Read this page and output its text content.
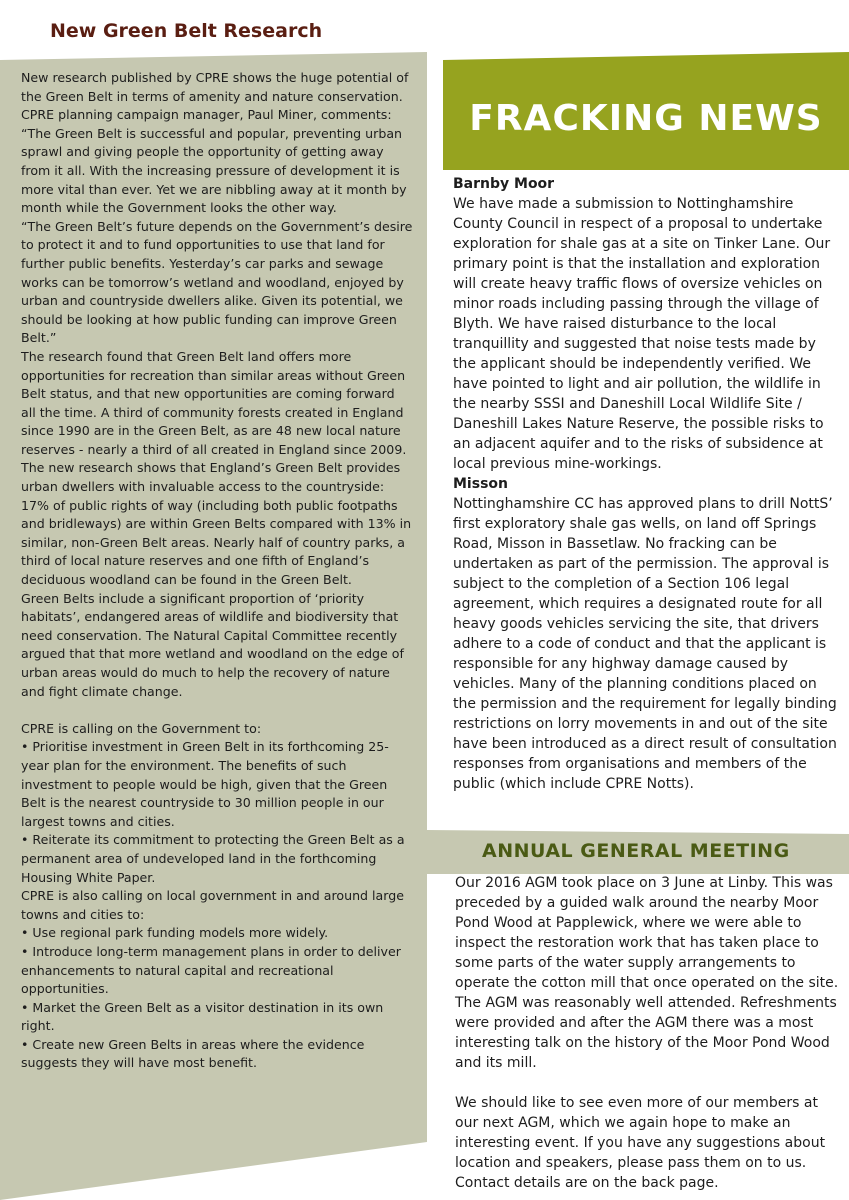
New Green Belt Research

New research published by CPRE shows the huge potential of the Green Belt in terms of amenity and nature conservation. CPRE planning campaign manager, Paul Miner, comments:

“The Green Belt is successful and popular, preventing urban sprawl and giving people the opportunity of getting away from it all. With the increasing pressure of development it is more vital than ever. Yet we are nibbling away at it month by month while the Government looks the other way.

“The Green Belt’s future depends on the Government’s desire to protect it and to fund opportunities to use that land for further public benefits. Yesterday’s car parks and sewage works can be tomorrow’s wetland and woodland, enjoyed by urban and countryside dwellers alike. Given its potential, we should be looking at how public funding can improve Green Belt.”

The research found that Green Belt land offers more opportunities for recreation than similar areas without Green Belt status, and that new opportunities are coming forward all the time. A third of community forests created in England since 1990 are in the Green Belt, as are 48 new local nature reserves - nearly a third of all created in England since 2009.

The new research shows that England’s Green Belt provides urban dwellers with invaluable access to the countryside: 17% of public rights of way (including both public footpaths and bridleways) are within Green Belts compared with 13% in similar, non-Green Belt areas. Nearly half of country parks, a third of local nature reserves and one fifth of England’s deciduous woodland can be found in the Green Belt.

Green Belts include a significant proportion of ‘priority habitats’, endangered areas of wildlife and biodiversity that need conservation. The Natural Capital Committee recently argued that that more wetland and woodland on the edge of urban areas would do much to help the recovery of nature and fight climate change.

CPRE is calling on the Government to:

• Prioritise investment in Green Belt in its forthcoming 25-year plan for the environment. The benefits of such investment to people would be high, given that the Green Belt is the nearest countryside to 30 million people in our largest towns and cities.

• Reiterate its commitment to protecting the Green Belt as a permanent area of undeveloped land in the forthcoming Housing White Paper.

CPRE is also calling on local government in and around large towns and cities to:

• Use regional park funding models more widely.

• Introduce long-term management plans in order to deliver enhancements to natural capital and recreational opportunities.

• Market the Green Belt as a visitor destination in its own right.

• Create new Green Belts in areas where the evidence suggests they will have most benefit.

FRACKING NEWS

Barnby Moor

We have made a submission to Nottinghamshire County Council in respect of a proposal to undertake exploration for shale gas at a site on Tinker Lane. Our primary point is that the installation and exploration will create heavy traffic flows of oversize vehicles on minor roads including passing through the village of Blyth. We have raised disturbance to the local tranquillity and suggested that noise tests made by the applicant should be independently verified. We have pointed to light and air pollution, the wildlife in the nearby SSSI and Daneshill Local Wildlife Site / Daneshill Lakes Nature Reserve, the possible risks to an adjacent aquifer and to the risks of subsidence at local previous mine-workings.

Misson

Nottinghamshire CC has approved plans to drill NottS’ first exploratory shale gas wells, on land off Springs Road, Misson in Bassetlaw. No fracking can be undertaken as part of the permission. The approval is subject to the completion of a Section 106 legal agreement, which requires a designated route for all heavy goods vehicles servicing the site, that drivers adhere to a code of conduct and that the applicant is responsible for any highway damage caused by vehicles. Many of the planning conditions placed on the permission and the requirement for legally binding restrictions on lorry movements in and out of the site have been introduced as a direct result of consultation responses from organisations and members of the public (which include CPRE Notts).

ANNUAL GENERAL MEETING

Our 2016 AGM took place on 3 June at Linby. This was preceded by a guided walk around the nearby Moor Pond Wood at Papplewick, where we were able to inspect the restoration work that has taken place to some parts of the water supply arrangements to operate the cotton mill that once operated on the site. The AGM was reasonably well attended. Refreshments were provided and after the AGM there was a most interesting talk on the history of the Moor Pond Wood and its mill.

We should like to see even more of our members at our next AGM, which we again hope to make an interesting event. If you have any suggestions about location and speakers, please pass them on to us. Contact details are on the back page.
